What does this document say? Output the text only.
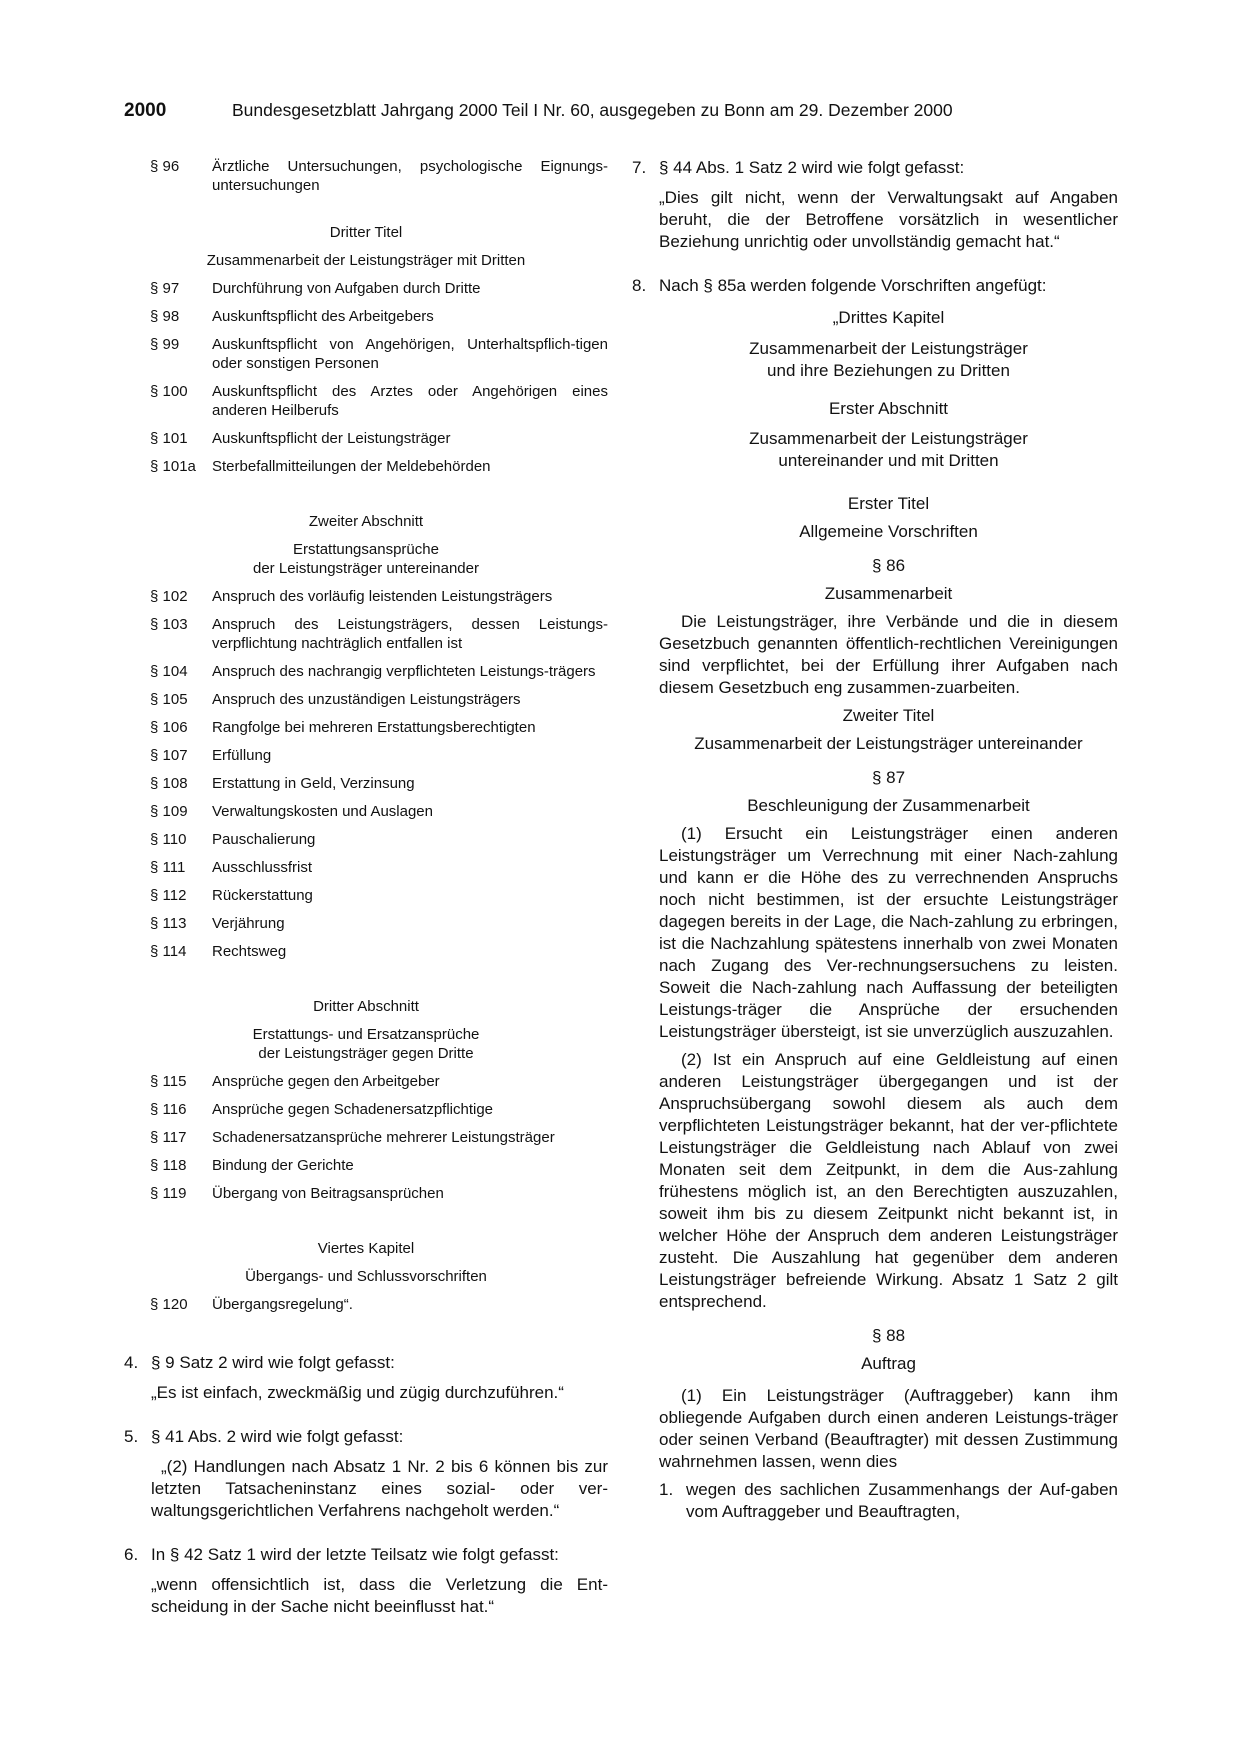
2000	Bundesgesetzblatt Jahrgang 2000 Teil I Nr. 60, ausgegeben zu Bonn am 29. Dezember 2000
§ 96	Ärztliche Untersuchungen, psychologische Eignungs-untersuchungen
Dritter Titel
Zusammenarbeit der Leistungsträger mit Dritten
§ 97	Durchführung von Aufgaben durch Dritte
§ 98	Auskunftspflicht des Arbeitgebers
§ 99	Auskunftspflicht von Angehörigen, Unterhaltspflich-tigen oder sonstigen Personen
§ 100	Auskunftspflicht des Arztes oder Angehörigen eines anderen Heilberufs
§ 101	Auskunftspflicht der Leistungsträger
§ 101a	Sterbefallmitteilungen der Meldebehörden
Zweiter Abschnitt
Erstattungsansprüche
der Leistungsträger untereinander
§ 102	Anspruch des vorläufig leistenden Leistungsträgers
§ 103	Anspruch des Leistungsträgers, dessen Leistungs-verpflichtung nachträglich entfallen ist
§ 104	Anspruch des nachrangig verpflichteten Leistungs-trägers
§ 105	Anspruch des unzuständigen Leistungsträgers
§ 106	Rangfolge bei mehreren Erstattungsberechtigten
§ 107	Erfüllung
§ 108	Erstattung in Geld, Verzinsung
§ 109	Verwaltungskosten und Auslagen
§ 110	Pauschalierung
§ 111	Ausschlussfrist
§ 112	Rückerstattung
§ 113	Verjährung
§ 114	Rechtsweg
Dritter Abschnitt
Erstattungs- und Ersatzansprüche
der Leistungsträger gegen Dritte
§ 115	Ansprüche gegen den Arbeitgeber
§ 116	Ansprüche gegen Schadenersatzpflichtige
§ 117	Schadenersatzansprüche mehrerer Leistungsträger
§ 118	Bindung der Gerichte
§ 119	Übergang von Beitragsansprüchen
Viertes Kapitel
Übergangs- und Schlussvorschriften
§ 120	Übergangsregelung“.
4. § 9 Satz 2 wird wie folgt gefasst:
„Es ist einfach, zweckmäßig und zügig durchzuführen.“
5. § 41 Abs. 2 wird wie folgt gefasst:
„(2) Handlungen nach Absatz 1 Nr. 2 bis 6 können bis zur letzten Tatsacheninstanz eines sozial- oder ver-waltungsgerichtlichen Verfahrens nachgeholt werden.“
6. In § 42 Satz 1 wird der letzte Teilsatz wie folgt gefasst:
„wenn offensichtlich ist, dass die Verletzung die Ent-scheidung in der Sache nicht beeinflusst hat.“
7. § 44 Abs. 1 Satz 2 wird wie folgt gefasst:
„Dies gilt nicht, wenn der Verwaltungsakt auf Angaben beruht, die der Betroffene vorsätzlich in wesentlicher Beziehung unrichtig oder unvollständig gemacht hat.“
8. Nach § 85a werden folgende Vorschriften angefügt:
„Drittes Kapitel
Zusammenarbeit der Leistungsträger
und ihre Beziehungen zu Dritten
Erster Abschnitt
Zusammenarbeit der Leistungsträger
untereinander und mit Dritten
Erster Titel
Allgemeine Vorschriften
§ 86
Zusammenarbeit
Die Leistungsträger, ihre Verbände und die in diesem Gesetzbuch genannten öffentlich-rechtlichen Vereinigungen sind verpflichtet, bei der Erfüllung ihrer Aufgaben nach diesem Gesetzbuch eng zusammen-zuarbeiten.
Zweiter Titel
Zusammenarbeit der Leistungsträger untereinander
§ 87
Beschleunigung der Zusammenarbeit
(1) Ersucht ein Leistungsträger einen anderen Leistungsträger um Verrechnung mit einer Nach-zahlung und kann er die Höhe des zu verrechnenden Anspruchs noch nicht bestimmen, ist der ersuchte Leistungsträger dagegen bereits in der Lage, die Nach-zahlung zu erbringen, ist die Nachzahlung spätestens innerhalb von zwei Monaten nach Zugang des Ver-rechnungsersuchens zu leisten. Soweit die Nach-zahlung nach Auffassung der beteiligten Leistungs-träger die Ansprüche der ersuchenden Leistungsträger übersteigt, ist sie unverzüglich auszuzahlen.
(2) Ist ein Anspruch auf eine Geldleistung auf einen anderen Leistungsträger übergegangen und ist der Anspruchsübergang sowohl diesem als auch dem verpflichteten Leistungsträger bekannt, hat der ver-pflichtete Leistungsträger die Geldleistung nach Ablauf von zwei Monaten seit dem Zeitpunkt, in dem die Aus-zahlung frühestens möglich ist, an den Berechtigten auszuzahlen, soweit ihm bis zu diesem Zeitpunkt nicht bekannt ist, in welcher Höhe der Anspruch dem anderen Leistungsträger zusteht. Die Auszahlung hat gegenüber dem anderen Leistungsträger befreiende Wirkung. Absatz 1 Satz 2 gilt entsprechend.
§ 88
Auftrag
(1) Ein Leistungsträger (Auftraggeber) kann ihm obliegende Aufgaben durch einen anderen Leistungs-träger oder seinen Verband (Beauftragter) mit dessen Zustimmung wahrnehmen lassen, wenn dies
1. wegen des sachlichen Zusammenhangs der Auf-gaben vom Auftraggeber und Beauftragten,
